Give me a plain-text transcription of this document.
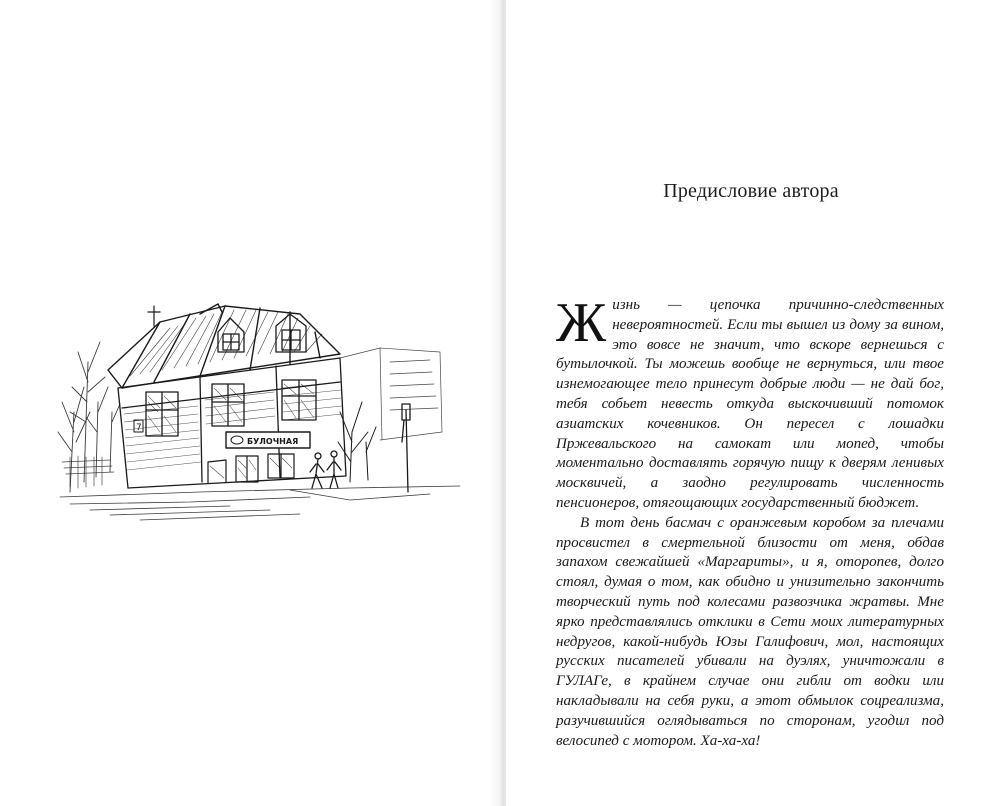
БУЛОЧНАЯ
7
Предисловие автора

Жизнь — цепочка причинно-следственных невероятностей. Если ты вышел из дому за вином, это вовсе не значит, что вскоре вернешься с бутылочкой. Ты можешь вообще не вернуться, или твое изнемогающее тело принесут добрые люди — не дай бог, тебя собьет невесть откуда выскочивший потомок азиатских кочевников. Он пересел с лошадки Пржевальского на самокат или мопед, чтобы моментально доставлять горячую пищу к дверям ленивых москвичей, а заодно регулировать численность пенсионеров, отягощающих государственный бюджет.

В тот день басмач с оранжевым коробом за плечами просвистел в смертельной близости от меня, обдав запахом свежайшей «Маргариты», и я, оторопев, долго стоял, думая о том, как обидно и унизительно закончить творческий путь под колесами развозчика жратвы. Мне ярко представлялись отклики в Сети моих литературных недругов, какой-нибудь Юзы Галифович, мол, настоящих русских писателей убивали на дуэлях, уничтожали в ГУЛАГе, в крайнем случае они гибли от водки или накладывали на себя руки, а этот обмылок соцреализма, разучившийся оглядываться по сторонам, угодил под велосипед с мотором. Ха-ха-ха!
